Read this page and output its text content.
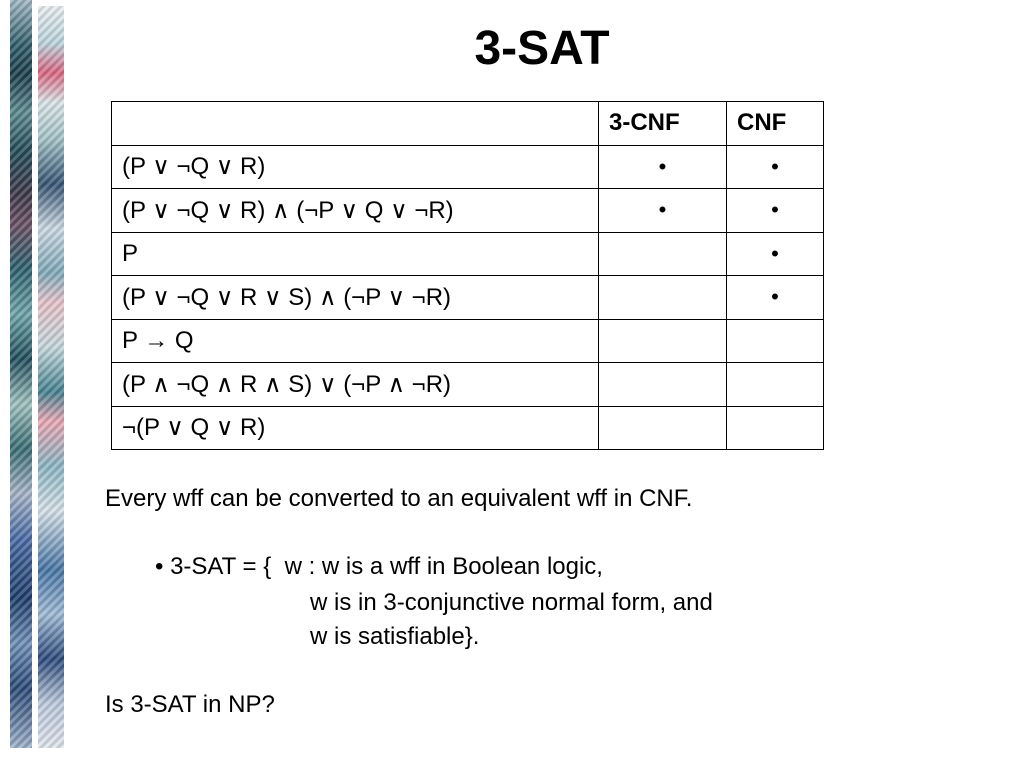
3-SAT
	3-CNF	CNF
(P ∨ ¬Q ∨ R)	•	•
(P ∨ ¬Q ∨ R) ∧ (¬P ∨ Q ∨ ¬R)	•	•
P		•
(P ∨ ¬Q ∨ R ∨ S) ∧ (¬P ∨ ¬R)		•
P → Q		
(P ∧ ¬Q ∧ R ∧ S) ∨ (¬P ∧ ¬R)		
¬(P ∨ Q ∨ R)		
Every wff can be converted to an equivalent wff in CNF.
• 3-SAT = { w : w is a wff in Boolean logic,
w is in 3-conjunctive normal form, and
w is satisfiable}.
Is 3-SAT in NP?
